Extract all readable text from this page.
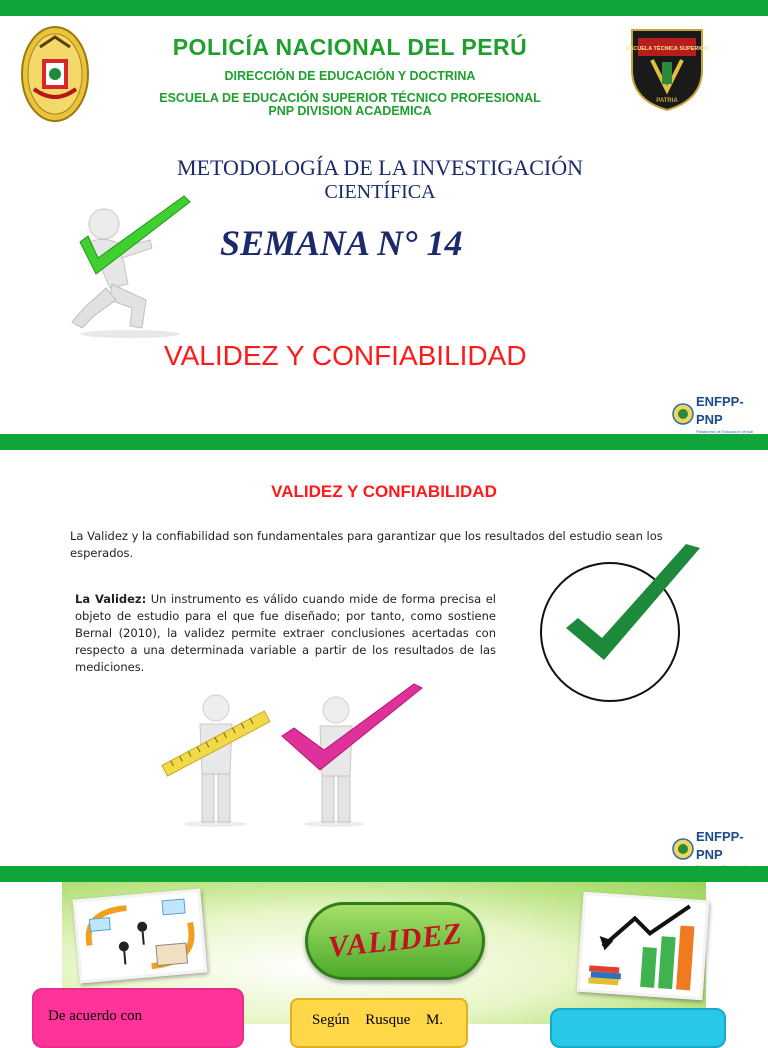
POLICÍA NACIONAL DEL PERÚ
DIRECCIÓN DE EDUCACIÓN Y DOCTRINA
ESCUELA DE EDUCACIÓN SUPERIOR TÉCNICO PROFESIONAL
PNP DIVISION ACADEMICA
ESCUELA TÉCNICA SUPERIOR
PATRIA
METODOLOGÍA DE LA INVESTIGACIÓN
CIENTÍFICA
SEMANA N° 14
VALIDEZ Y CONFIABILIDAD
ENFPP-PNP
Plataforma de Educación Virtual
VALIDEZ Y CONFIABILIDAD

La Validez y la confiabilidad son fundamentales para garantizar que los resultados del estudio sean los esperados.

La Validez: Un instrumento es válido cuando mide de forma precisa el objeto de estudio para el que fue diseñado; por tanto, como sostiene Bernal (2010), la validez permite extraer conclusiones acertadas con respecto a una determinada variable a partir de los resultados de las mediciones.

ENFPP-PNP
VALIDEZ
De acuerdo con	Según Rusque M.
